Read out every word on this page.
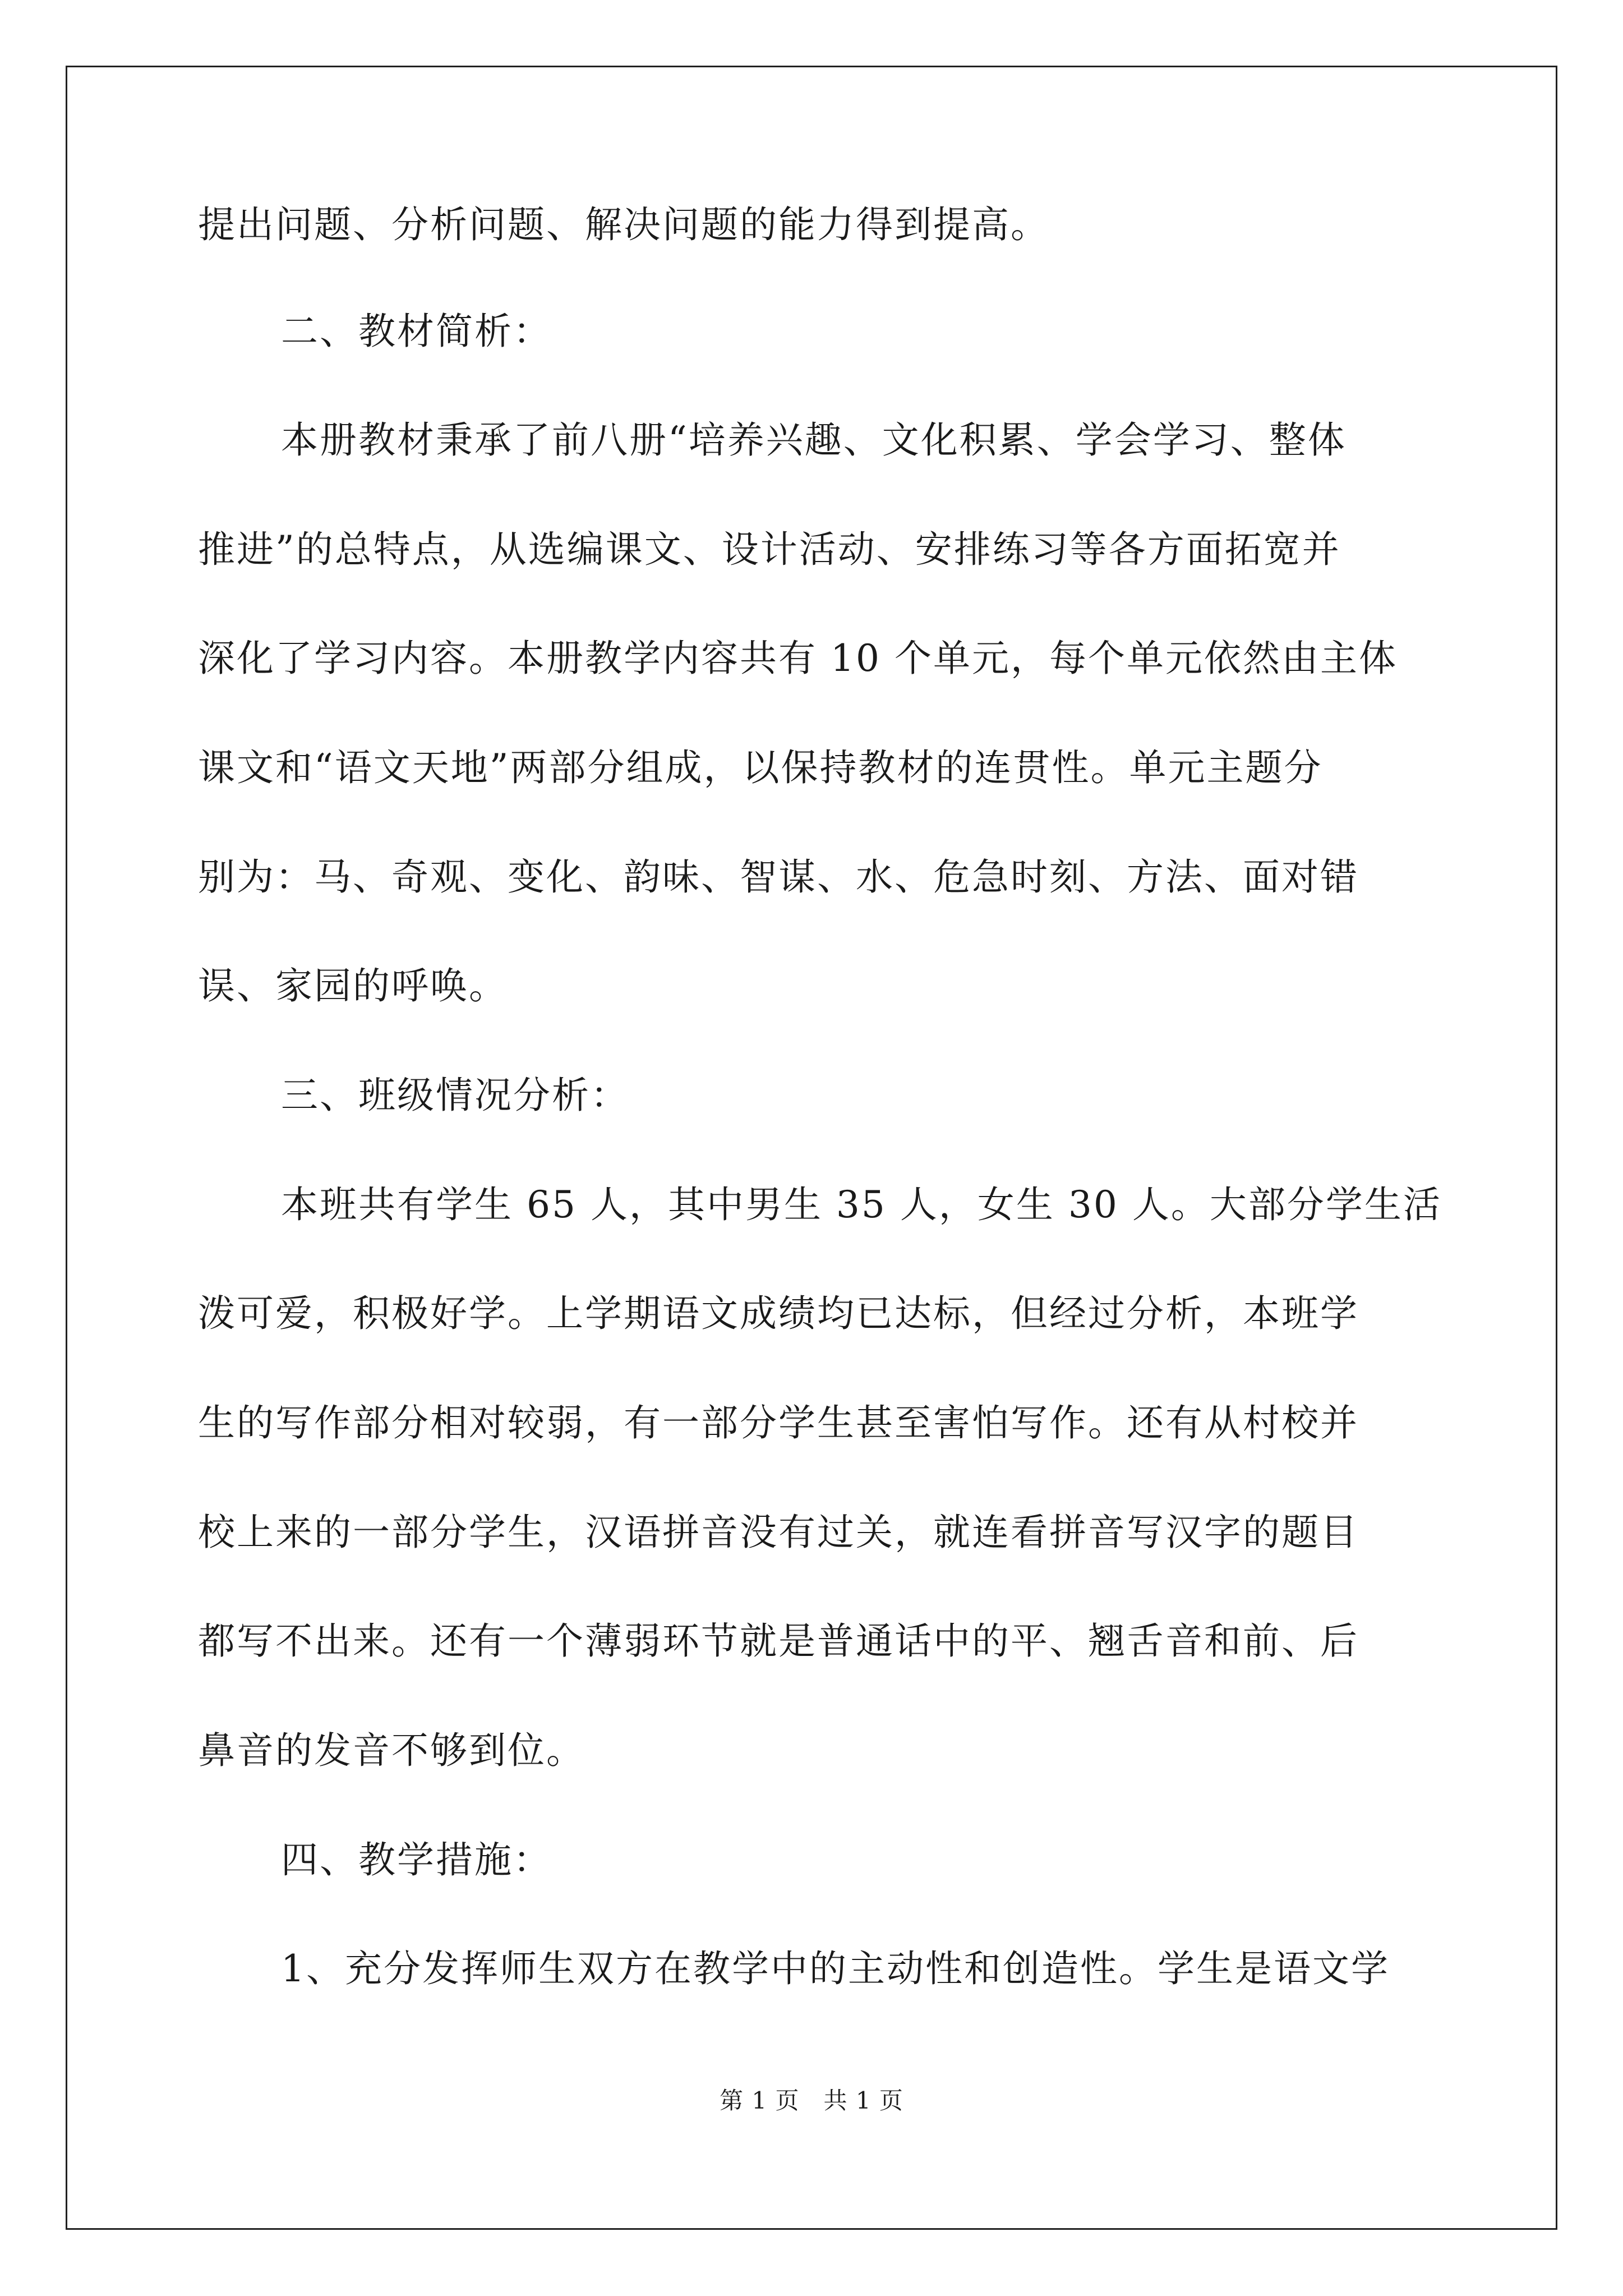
提出问题、分析问题、解决问题的能力得到提高。

二、教材简析：

本册教材秉承了前八册“培养兴趣、文化积累、学会学习、整体

推进”的总特点，从选编课文、设计活动、安排练习等各方面拓宽并

深化了学习内容。本册教学内容共有 10 个单元，每个单元依然由主体

课文和“语文天地”两部分组成，以保持教材的连贯性。单元主题分

别为：马、奇观、变化、韵味、智谋、水、危急时刻、方法、面对错

误、家园的呼唤。

三、班级情况分析：

本班共有学生 65 人，其中男生 35 人，女生 30 人。大部分学生活

泼可爱，积极好学。上学期语文成绩均已达标，但经过分析，本班学

生的写作部分相对较弱，有一部分学生甚至害怕写作。还有从村校并

校上来的一部分学生，汉语拼音没有过关，就连看拼音写汉字的题目

都写不出来。还有一个薄弱环节就是普通话中的平、翘舌音和前、后

鼻音的发音不够到位。

四、教学措施：

1、充分发挥师生双方在教学中的主动性和创造性。学生是语文学

第 1 页　共 1 页
